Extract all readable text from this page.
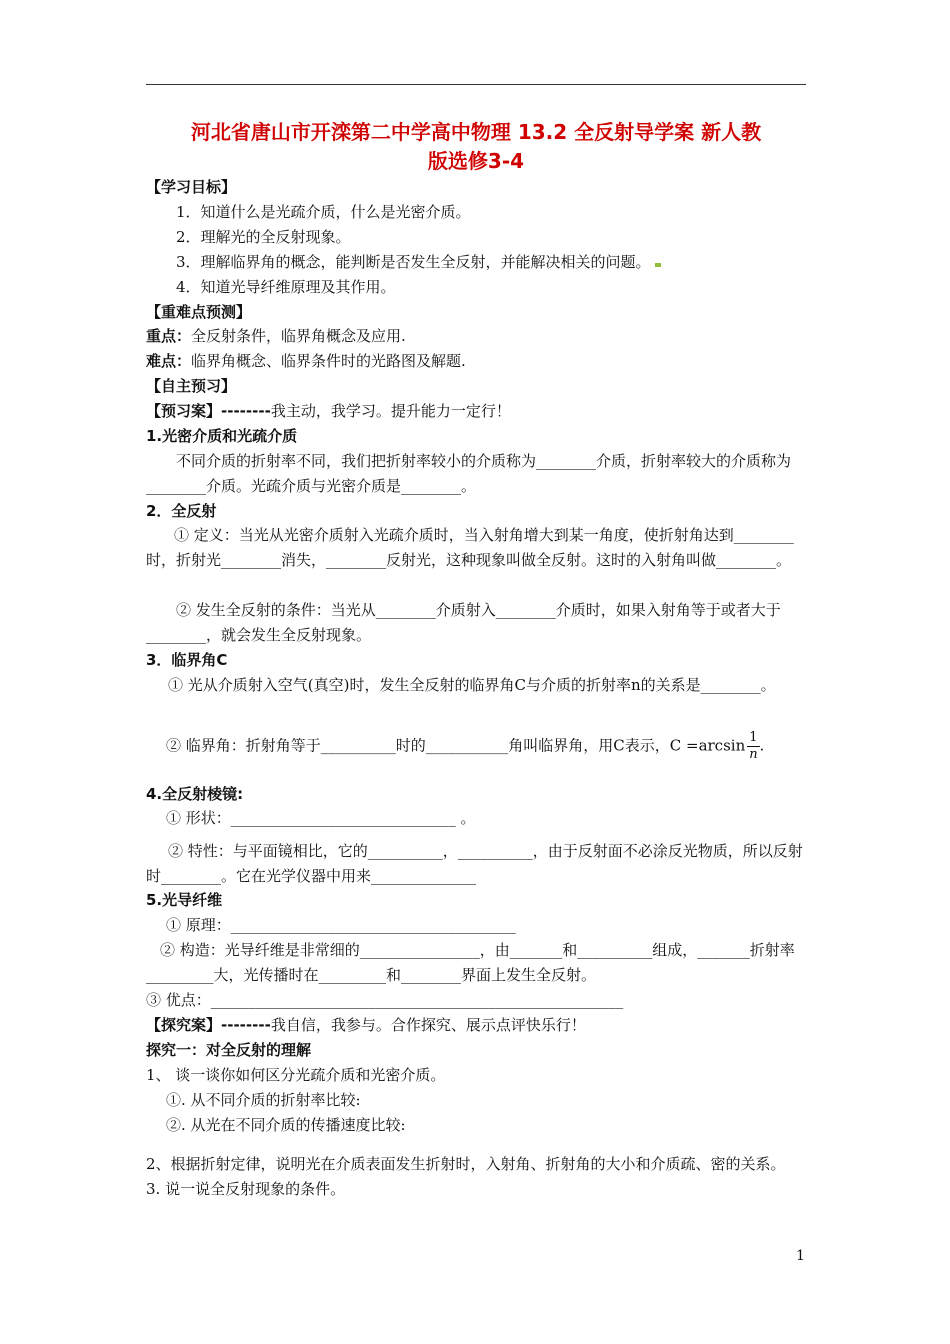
河北省唐山市开滦第二中学高中物理 13.2 全反射导学案 新人教
版选修3-4
【学习目标】
1．知道什么是光疏介质，什么是光密介质。
2．理解光的全反射现象。
3．理解临界角的概念，能判断是否发生全反射，并能解决相关的问题。
4．知道光导纤维原理及其作用。
【重难点预测】
重点：全反射条件，临界角概念及应用.
难点：临界角概念、临界条件时的光路图及解题.
【自主预习】
【预习案】--------我主动，我学习。提升能力一定行！
1.光密介质和光疏介质
不同介质的折射率不同，我们把折射率较小的介质称为________介质，折射率较大的介质称为________介质。光疏介质与光密介质是________。
2．全反射
① 定义：当光从光密介质射入光疏介质时，当入射角增大到某一角度，使折射角达到________时，折射光________消失，________反射光，这种现象叫做全反射。这时的入射角叫做________。
② 发生全反射的条件：当光从________介质射入________介质时，如果入射角等于或者大于________，就会发生全反射现象。
3．临界角C
① 光从介质射入空气(真空)时，发生全反射的临界角C与介质的折射率n的关系是________。
② 临界角：折射角等于__________时的___________角叫临界角，用C表示，$C =\arcsin \frac{1}{n}$ .
4.全反射棱镜:
① 形状：______________________________ 。
② 特性：与平面镜相比，它的__________，__________，由于反射面不必涂反光物质，所以反射时________。它在光学仪器中用来______________
5.光导纤维
① 原理：______________________________________
② 构造：光导纤维是非常细的________________，由_______和__________组成，_______折射率_________大，光传播时在_________和________界面上发生全反射。
③ 优点：_______________________________________________________
【探究案】--------我自信，我参与。合作探究、展示点评快乐行！
探究一：对全反射的理解
1、 谈一谈你如何区分光疏介质和光密介质。
①. 从不同介质的折射率比较:
②. 从光在不同介质的传播速度比较:
2、根据折射定律，说明光在介质表面发生折射时，入射角、折射角的大小和介质疏、密的关系。
3. 说一说全反射现象的条件。
1
